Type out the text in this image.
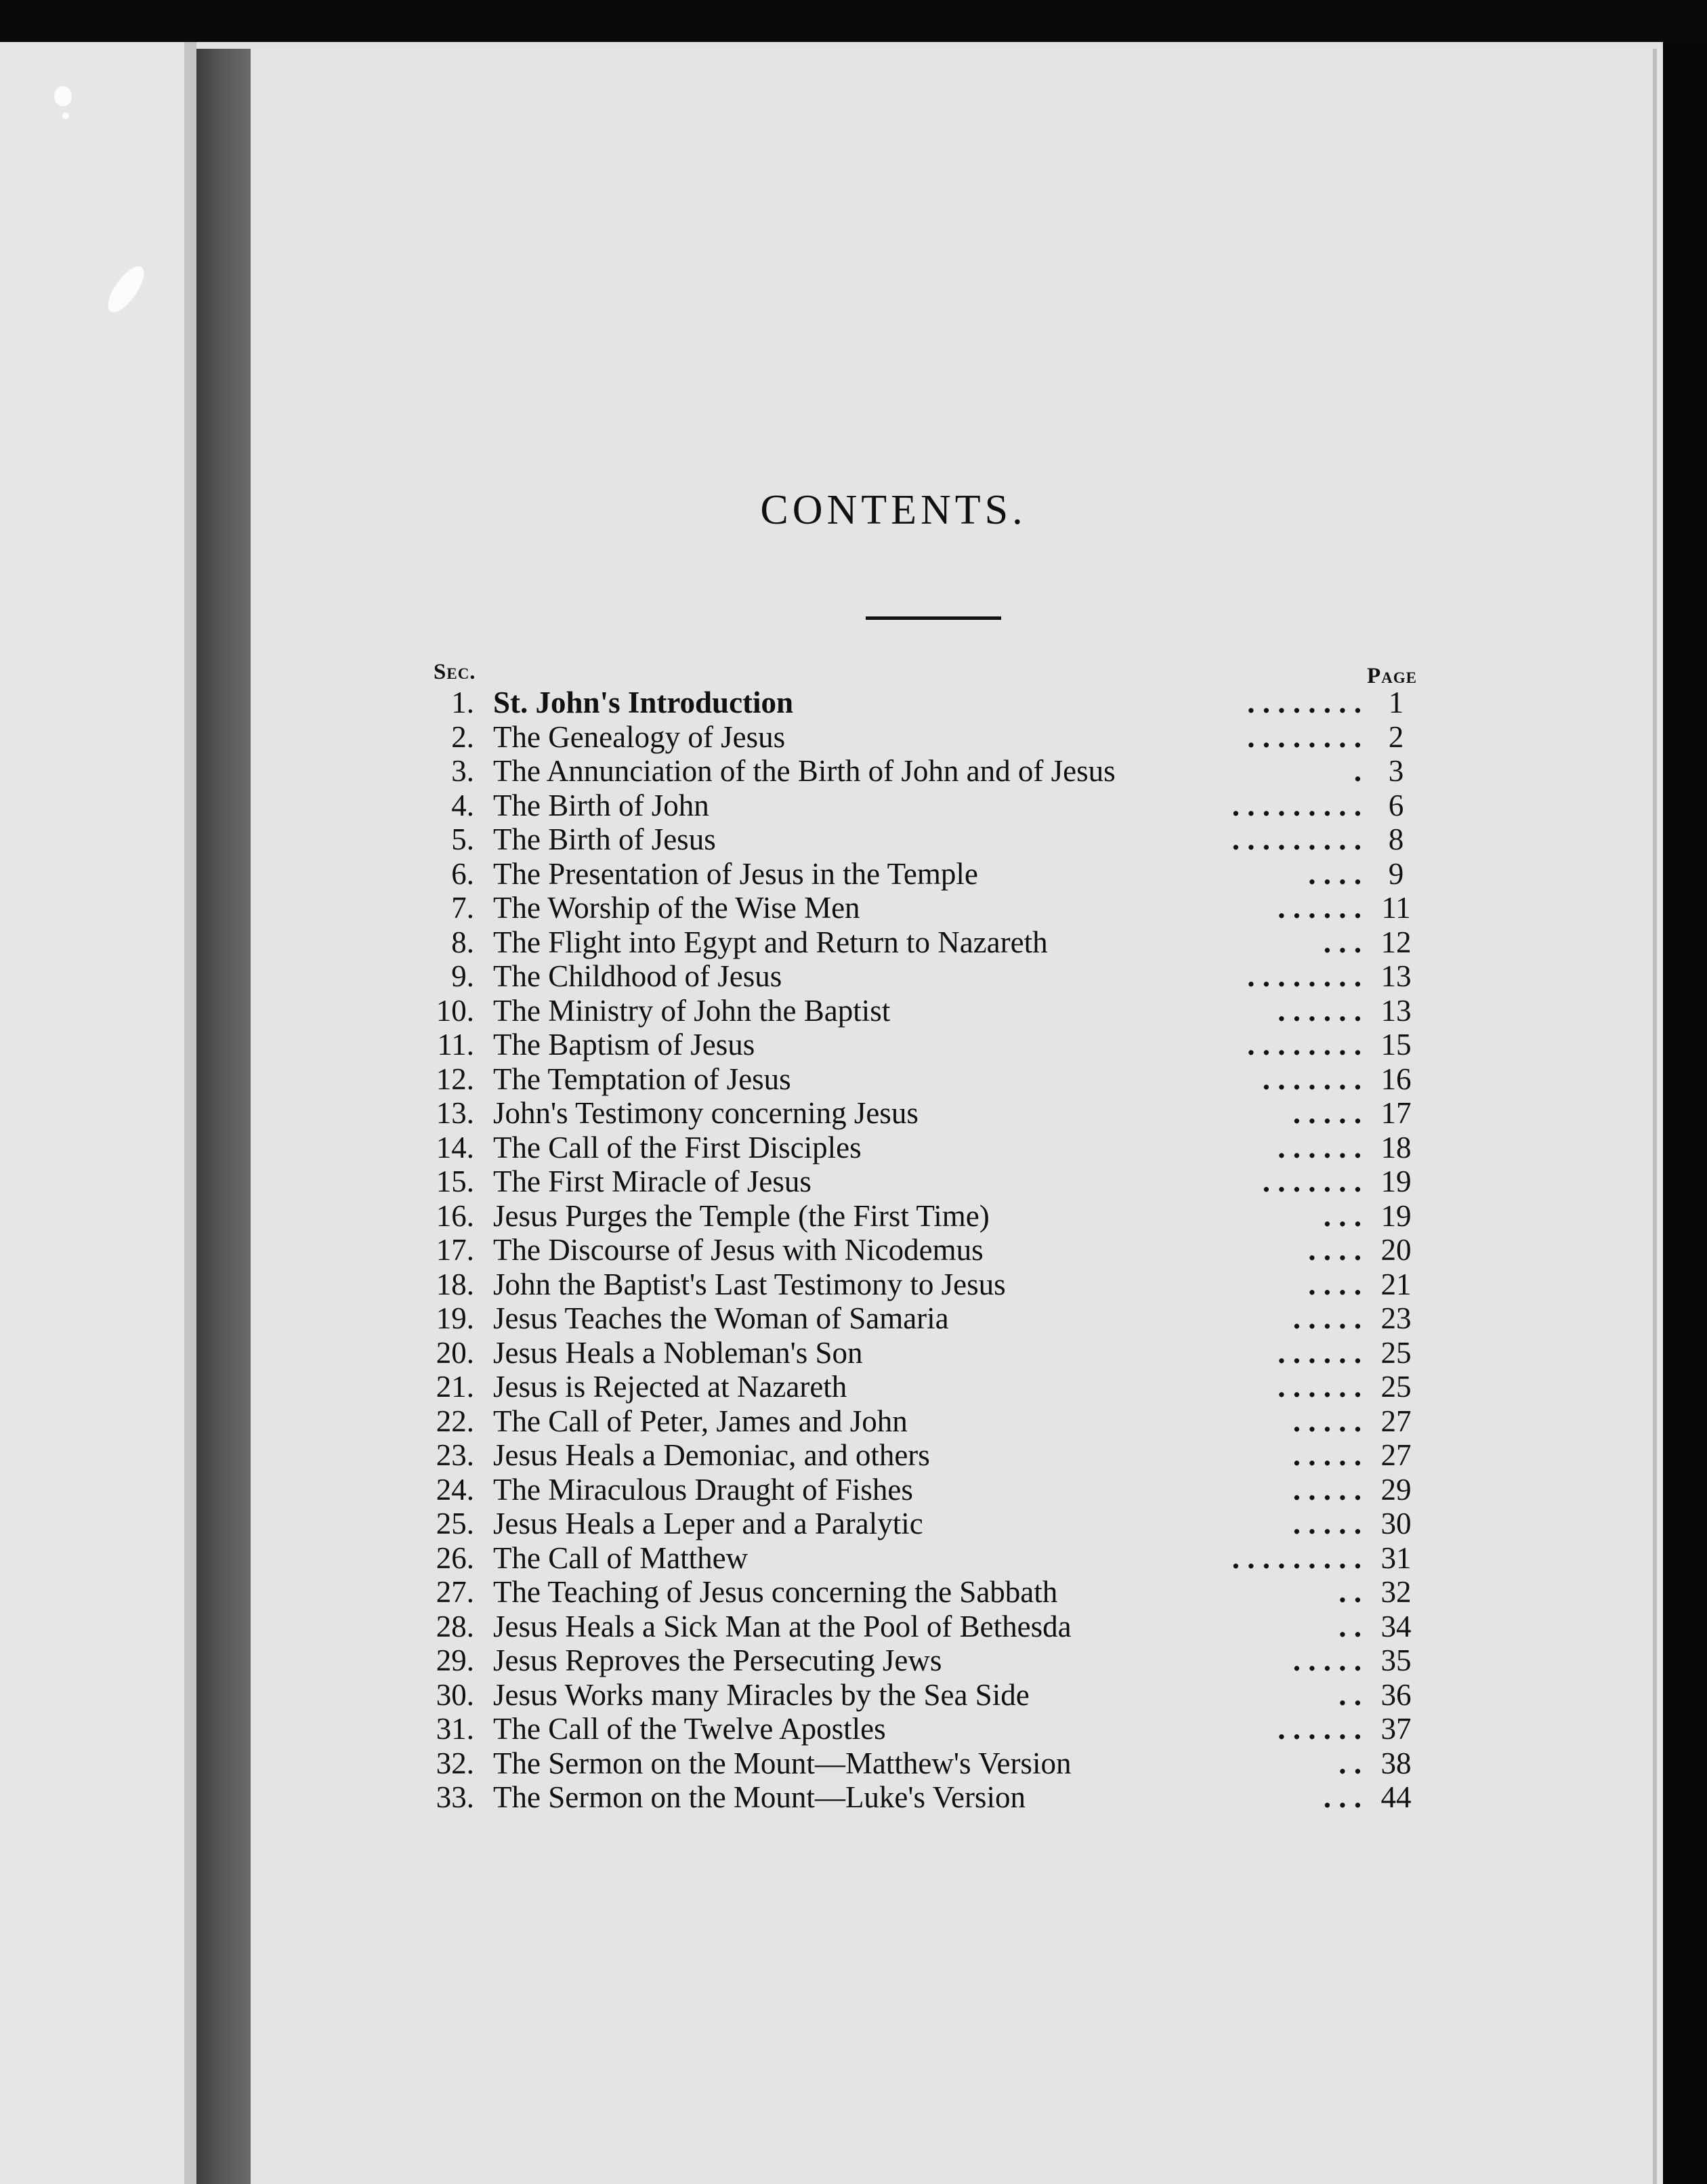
CONTENTS.
Sec.	Page
1. St. John's Introduction	. . . . . . . . 1
2. The Genealogy of Jesus	. . . . . . . . 2
3. The Annunciation of the Birth of John and of Jesus	. 3
4. The Birth of John	. . . . . . . . . 6
5. The Birth of Jesus	. . . . . . . . . 8
6. The Presentation of Jesus in the Temple	. . . . 9
7. The Worship of the Wise Men	. . . . . . 11
8. The Flight into Egypt and Return to Nazareth	. . . 12
9. The Childhood of Jesus	. . . . . . . . 13
10. The Ministry of John the Baptist	. . . . . . 13
11. The Baptism of Jesus	. . . . . . . . 15
12. The Temptation of Jesus	. . . . . . . 16
13. John's Testimony concerning Jesus	. . . . . 17
14. The Call of the First Disciples	. . . . . . 18
15. The First Miracle of Jesus	. . . . . . . 19
16. Jesus Purges the Temple (the First Time)	. . . 19
17. The Discourse of Jesus with Nicodemus	. . . . 20
18. John the Baptist's Last Testimony to Jesus	. . . . 21
19. Jesus Teaches the Woman of Samaria	. . . . . 23
20. Jesus Heals a Nobleman's Son	. . . . . . 25
21. Jesus is Rejected at Nazareth	. . . . . . 25
22. The Call of Peter, James and John	. . . . . 27
23. Jesus Heals a Demoniac, and others	. . . . . 27
24. The Miraculous Draught of Fishes	. . . . . 29
25. Jesus Heals a Leper and a Paralytic	. . . . . 30
26. The Call of Matthew	. . . . . . . . . 31
27. The Teaching of Jesus concerning the Sabbath	. . 32
28. Jesus Heals a Sick Man at the Pool of Bethesda	. . 34
29. Jesus Reproves the Persecuting Jews	. . . . . 35
30. Jesus Works many Miracles by the Sea Side	. . 36
31. The Call of the Twelve Apostles	. . . . . . 37
32. The Sermon on the Mount—Matthew's Version	. . 38
33. The Sermon on the Mount—Luke's Version	. . . 44
